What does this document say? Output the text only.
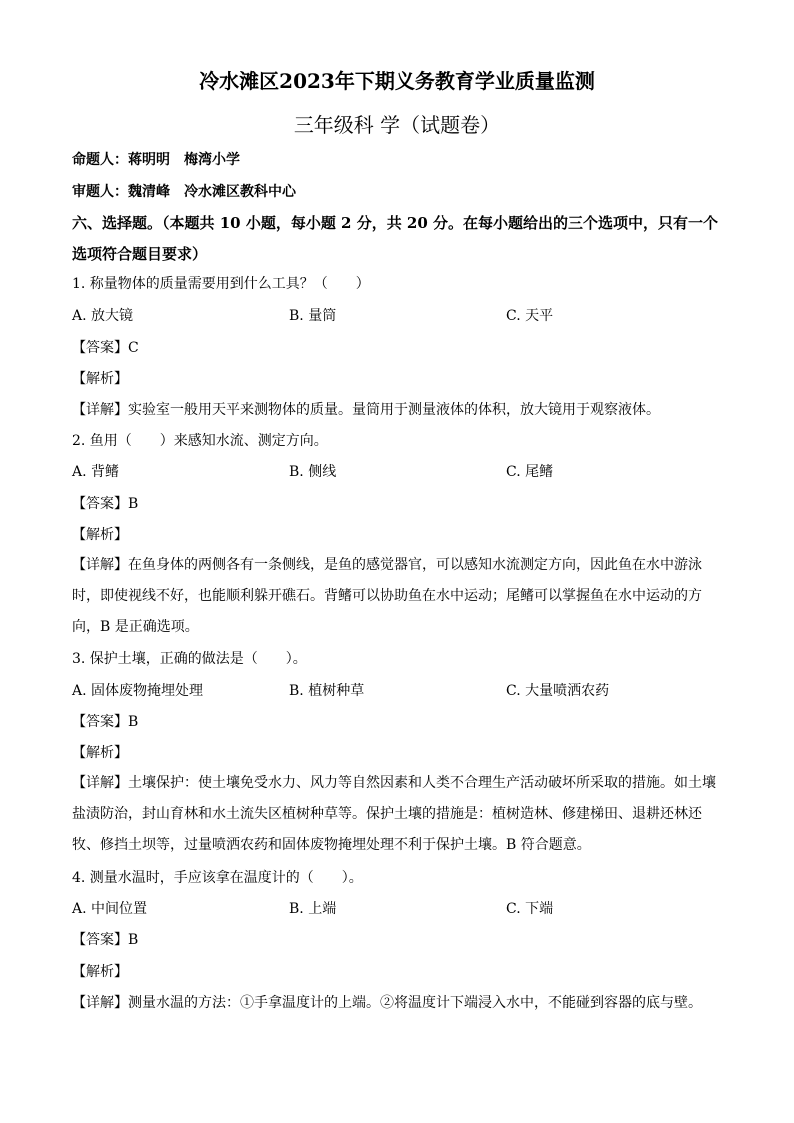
冷水滩区2023年下期义务教育学业质量监测
三年级科 学（试题卷）
命题人：蒋明明　梅湾小学
审题人：魏清峰　冷水滩区教科中心
六、选择题。（本题共 10 小题，每小题 2 分，共 20 分。在每小题给出的三个选项中，只有一个选项符合题目要求）
1. 称量物体的质量需要用到什么工具？（　　）
A. 放大镜	B. 量筒	C. 天平
【答案】C
【解析】
【详解】实验室一般用天平来测物体的质量。量筒用于测量液体的体积，放大镜用于观察液体。
2. 鱼用（　　）来感知水流、测定方向。
A. 背鳍	B. 侧线	C. 尾鳍
【答案】B
【解析】
【详解】在鱼身体的两侧各有一条侧线，是鱼的感觉器官，可以感知水流测定方向，因此鱼在水中游泳时，即使视线不好，也能顺利躲开礁石。背鳍可以协助鱼在水中运动；尾鳍可以掌握鱼在水中运动的方向，B 是正确选项。
3. 保护土壤，正确的做法是（　　）。
A. 固体废物掩埋处理	B. 植树种草	C. 大量喷洒农药
【答案】B
【解析】
【详解】土壤保护：使土壤免受水力、风力等自然因素和人类不合理生产活动破坏所采取的措施。如土壤盐渍防治，封山育林和水土流失区植树种草等。保护土壤的措施是：植树造林、修建梯田、退耕还林还牧、修挡土坝等，过量喷洒农药和固体废物掩埋处理不利于保护土壤。B 符合题意。
4. 测量水温时，手应该拿在温度计的（　　）。
A. 中间位置	B. 上端	C. 下端
【答案】B
【解析】
【详解】测量水温的方法：①手拿温度计的上端。②将温度计下端浸入水中，不能碰到容器的底与壁。
